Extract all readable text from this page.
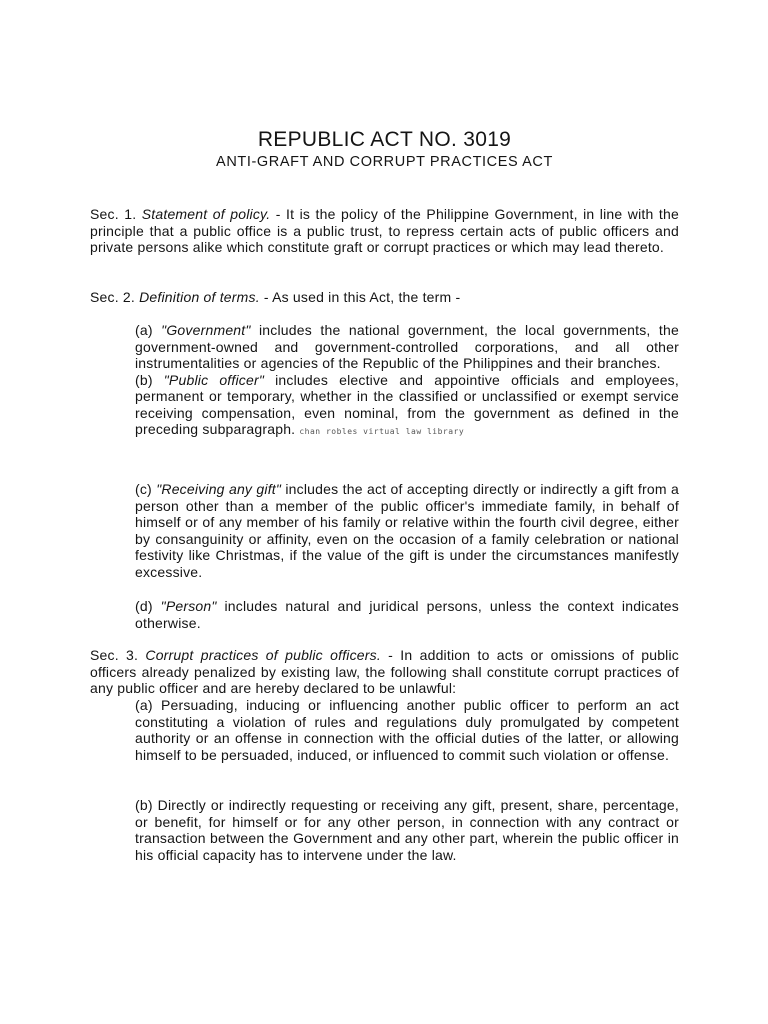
REPUBLIC ACT NO. 3019
ANTI-GRAFT AND CORRUPT PRACTICES ACT

Sec. 1. Statement of policy. - It is the policy of the Philippine Government, in line with the principle that a public office is a public trust, to repress certain acts of public officers and private persons alike which constitute graft or corrupt practices or which may lead thereto.

Sec. 2. Definition of terms. - As used in this Act, the term -

(a) "Government" includes the national government, the local governments, the government-owned and government-controlled corporations, and all other instrumentalities or agencies of the Republic of the Philippines and their branches.

(b) "Public officer" includes elective and appointive officials and employees, permanent or temporary, whether in the classified or unclassified or exempt service receiving compensation, even nominal, from the government as defined in the preceding subparagraph. chan robles virtual law library

(c) "Receiving any gift" includes the act of accepting directly or indirectly a gift from a person other than a member of the public officer's immediate family, in behalf of himself or of any member of his family or relative within the fourth civil degree, either by consanguinity or affinity, even on the occasion of a family celebration or national festivity like Christmas, if the value of the gift is under the circumstances manifestly excessive.

(d) "Person" includes natural and juridical persons, unless the context indicates otherwise.

Sec. 3. Corrupt practices of public officers. - In addition to acts or omissions of public officers already penalized by existing law, the following shall constitute corrupt practices of any public officer and are hereby declared to be unlawful:

(a) Persuading, inducing or influencing another public officer to perform an act constituting a violation of rules and regulations duly promulgated by competent authority or an offense in connection with the official duties of the latter, or allowing himself to be persuaded, induced, or influenced to commit such violation or offense.

(b) Directly or indirectly requesting or receiving any gift, present, share, percentage, or benefit, for himself or for any other person, in connection with any contract or transaction between the Government and any other part, wherein the public officer in his official capacity has to intervene under the law.
